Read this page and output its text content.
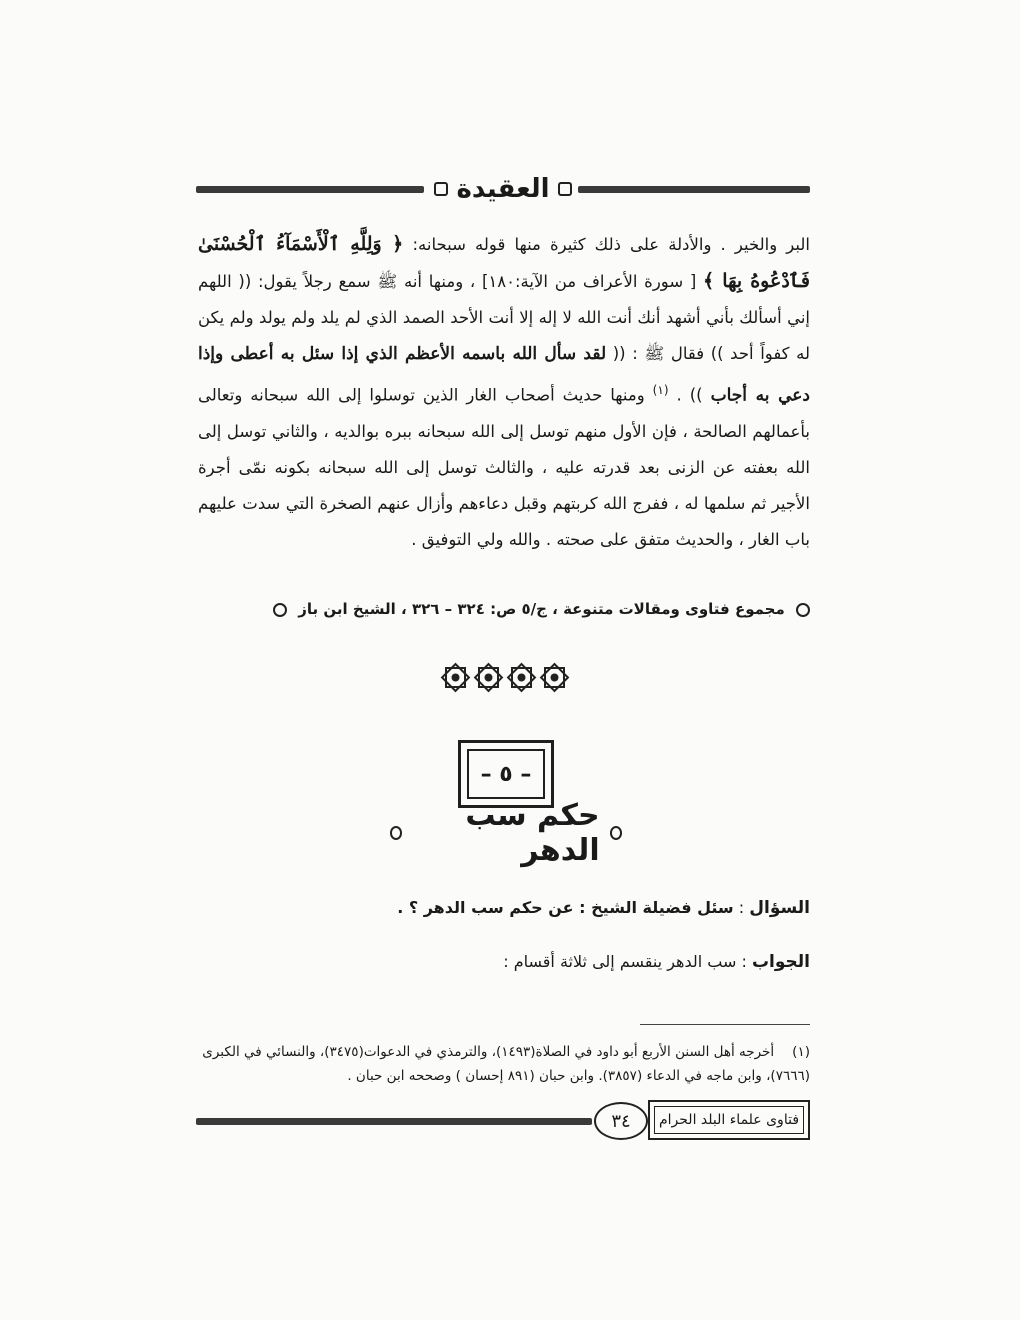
العقيدة
البر والخير . والأدلة على ذلك كثيرة منها قوله سبحانه: ﴿ وَلِلَّهِ ٱلْأَسْمَآءُ ٱلْحُسْنَىٰ فَٱدْعُوهُ بِهَا ﴾ [ سورة الأعراف من الآية:١٨٠] ، ومنها أنه ﷺ سمع رجلاً يقول: (( اللهم إني أسألك بأني أشهد أنك أنت الله لا إله إلا أنت الأحد الصمد الذي لم يلد ولم يولد ولم يكن له كفواً أحد )) فقال ﷺ : (( لقد سأل الله باسمه الأعظم الذي إذا سئل به أعطى وإذا دعي به أجاب )) . $^{(١)}$ ومنها حديث أصحاب الغار الذين توسلوا إلى الله سبحانه وتعالى بأعمالهم الصالحة ، فإن الأول منهم توسل إلى الله سبحانه ببره بوالديه ، والثاني توسل إلى الله بعفته عن الزنى بعد قدرته عليه ، والثالث توسل إلى الله سبحانه بكونه نمّى أجرة الأجير ثم سلمها له ، ففرج الله كربتهم وقبل دعاءهم وأزال عنهم الصخرة التي سدت عليهم باب الغار ، والحديث متفق على صحته . والله ولي التوفيق .
مجموع فتاوى ومقالات متنوعة ، ج/٥ ص: ٣٢٤ – ٣٢٦ ، الشيخ ابن باز
– ٥ –
حكم سب الدهر
السؤال : سئل فضيلة الشيخ : عن حكم سب الدهر ؟ .
الجواب : سب الدهر ينقسم إلى ثلاثة أقسام :
(١)أخرجه أهل السنن الأربع أبو داود في الصلاة(١٤٩٣)، والترمذي في الدعوات(٣٤٧٥)، والنسائي في الكبرى (٧٦٦٦)، وابن ماجه في الدعاء (٣٨٥٧). وابن حبان (٨٩١ إحسان ) وصححه ابن حبان .
٣٤	فتاوى علماء البلد الحرام
